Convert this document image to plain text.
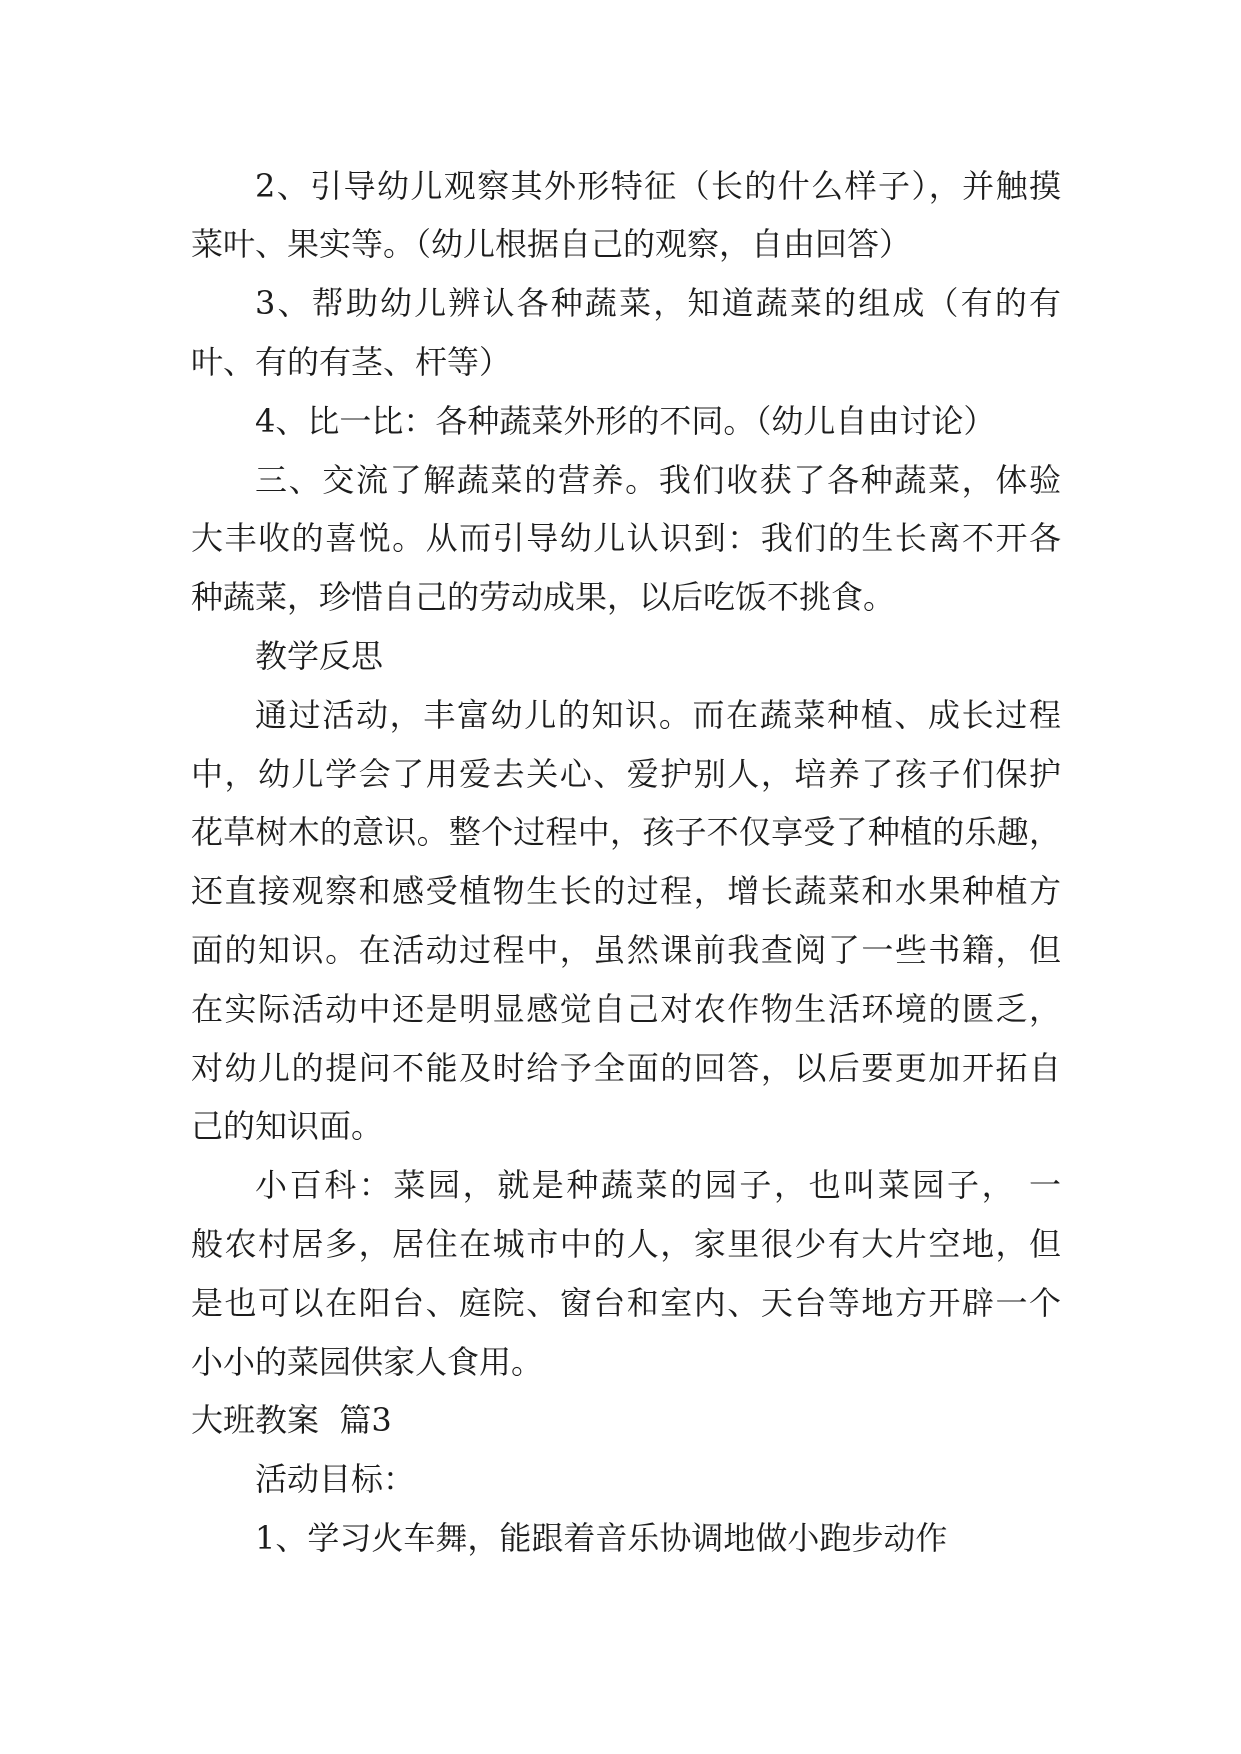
2、引导幼儿观察其外形特征（长的什么样子），并触摸
菜叶、果实等。（幼儿根据自己的观察，自由回答）
3、帮助幼儿辨认各种蔬菜，知道蔬菜的组成（有的有
叶、有的有茎、杆等）
4、比一比：各种蔬菜外形的不同。（幼儿自由讨论）
三、交流了解蔬菜的营养。我们收获了各种蔬菜，体验
大丰收的喜悦。从而引导幼儿认识到：我们的生长离不开各
种蔬菜，珍惜自己的劳动成果，以后吃饭不挑食。
教学反思
通过活动，丰富幼儿的知识。而在蔬菜种植、成长过程
中，幼儿学会了用爱去关心、爱护别人，培养了孩子们保护
花草树木的意识。整个过程中，孩子不仅享受了种植的乐趣，
还直接观察和感受植物生长的过程，增长蔬菜和水果种植方
面的知识。在活动过程中，虽然课前我查阅了一些书籍，但
在实际活动中还是明显感觉自己对农作物生活环境的匮乏，
对幼儿的提问不能及时给予全面的回答，以后要更加开拓自
己的知识面。
小百科：菜园，就是种蔬菜的园子，也叫菜园子， 一
般农村居多，居住在城市中的人，家里很少有大片空地，但
是也可以在阳台、庭院、窗台和室内、天台等地方开辟一个
小小的菜园供家人食用。
大班教案  篇3
活动目标：
1、学习火车舞，能跟着音乐协调地做小跑步动作
